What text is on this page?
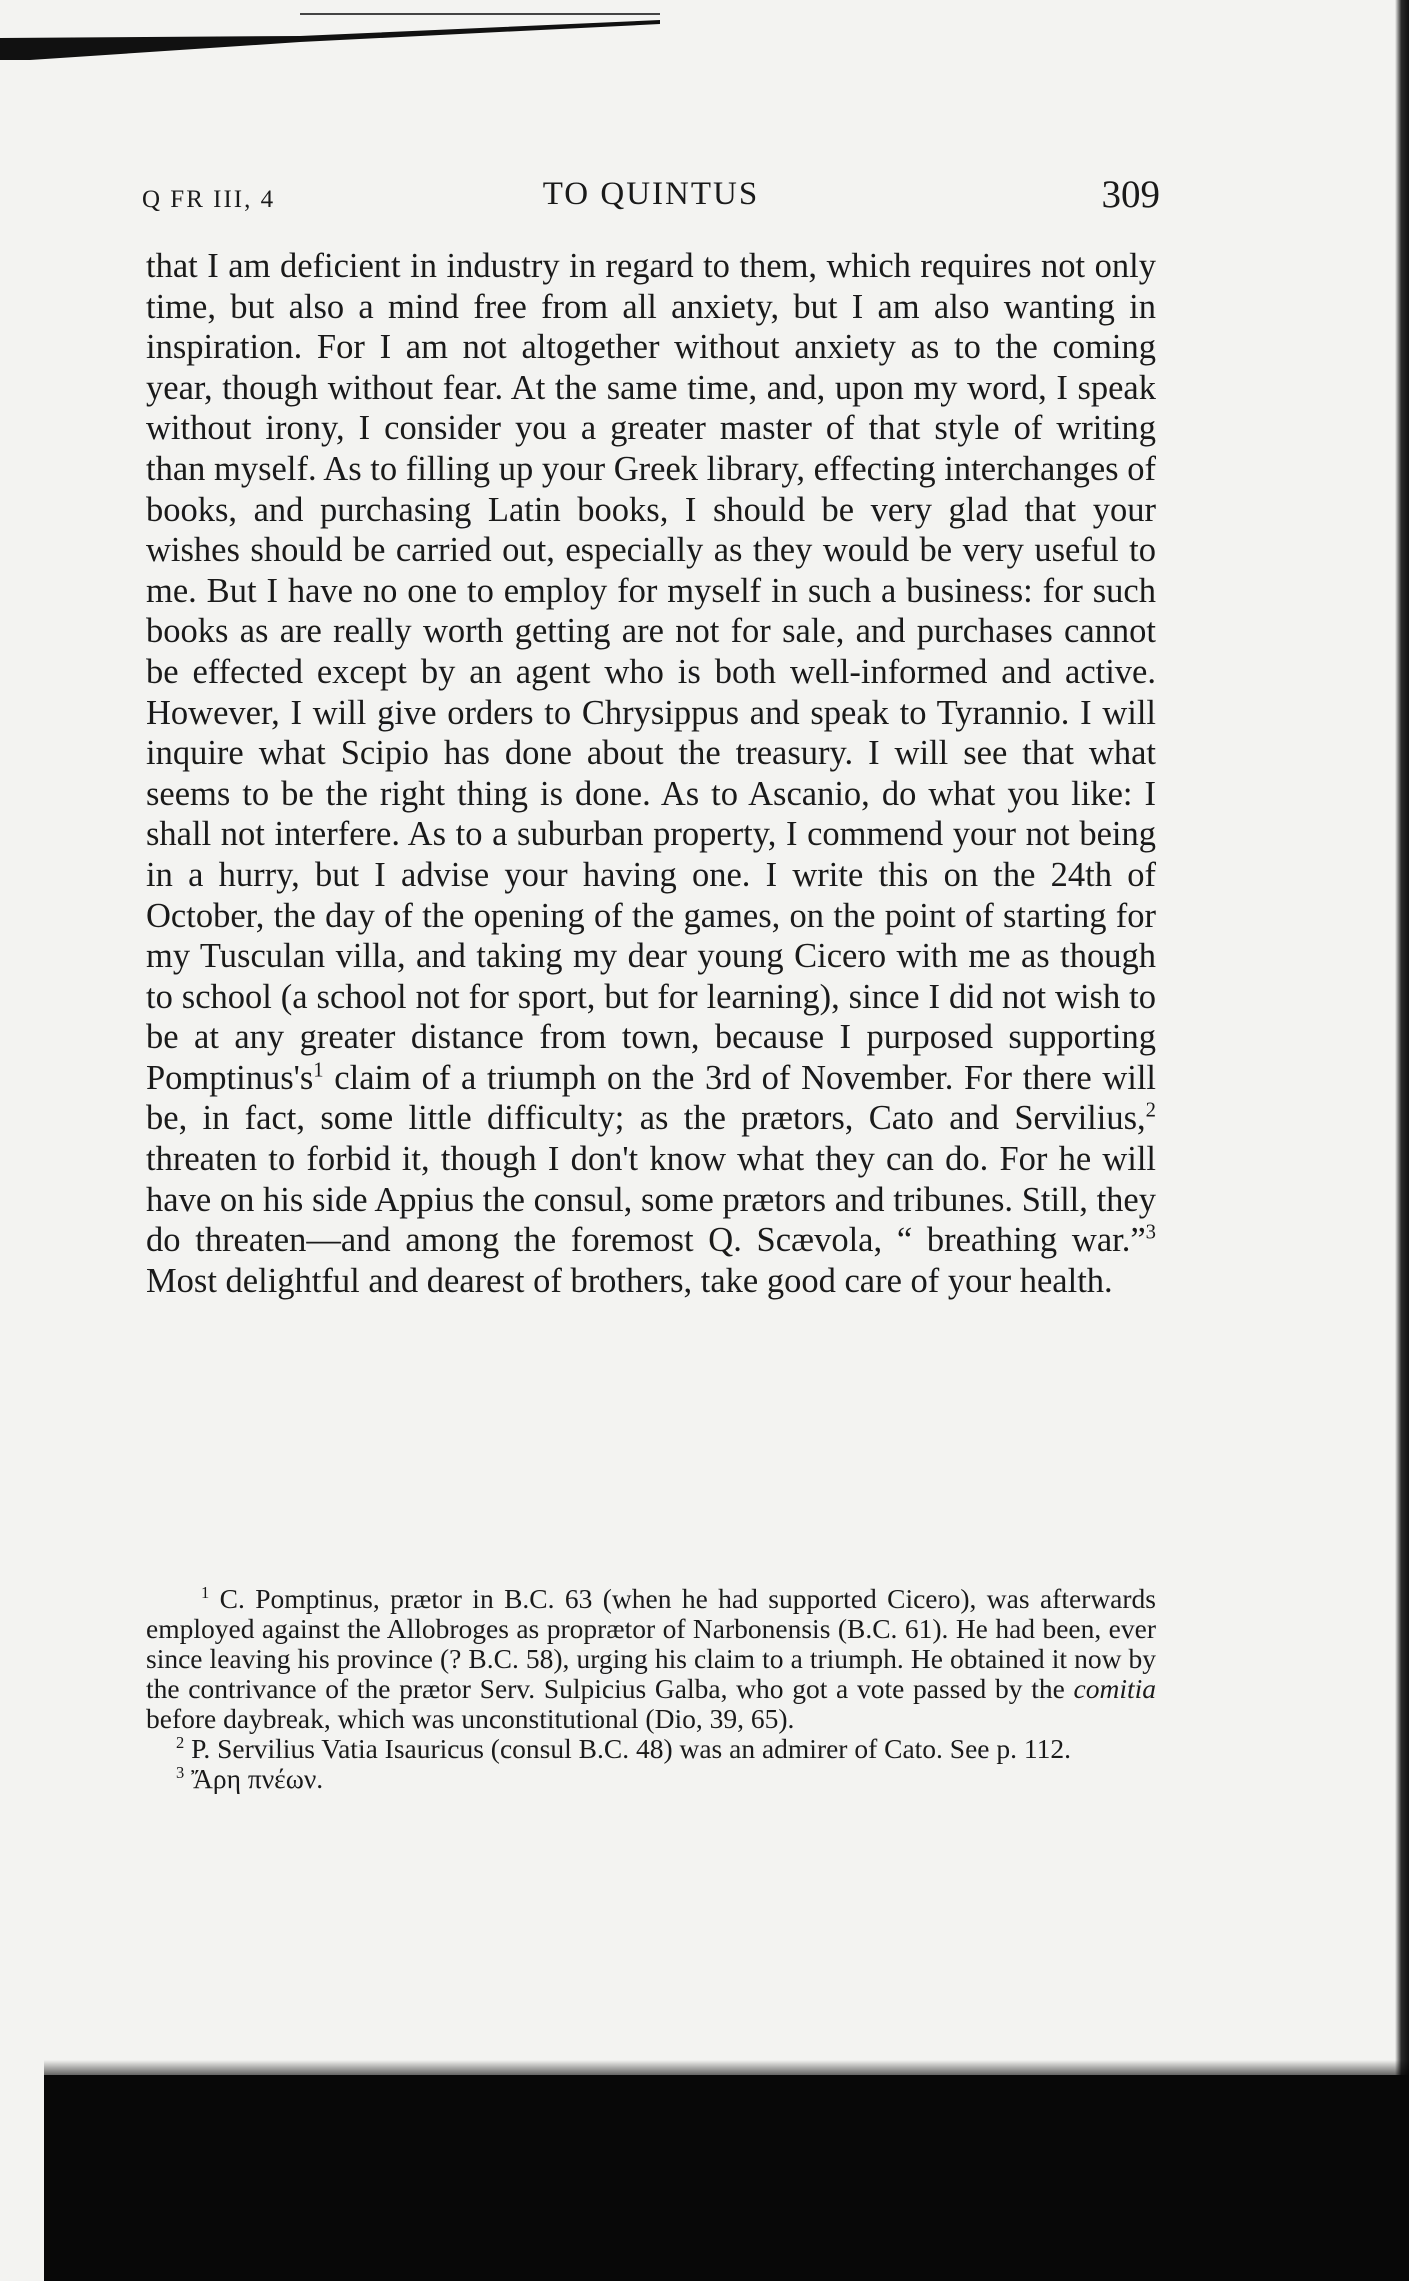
Q FR III, 4	TO QUINTUS	309
that I am deficient in industry in regard to them, which requires not only time, but also a mind free from all anxiety, but I am also wanting in inspiration. For I am not altogether without anxiety as to the coming year, though without fear. At the same time, and, upon my word, I speak without irony, I consider you a greater master of that style of writing than myself. As to filling up your Greek library, effecting interchanges of books, and purchasing Latin books, I should be very glad that your wishes should be carried out, especially as they would be very useful to me. But I have no one to employ for myself in such a business: for such books as are really worth getting are not for sale, and purchases cannot be effected except by an agent who is both well-informed and active. However, I will give orders to Chrysippus and speak to Tyrannio. I will inquire what Scipio has done about the treasury. I will see that what seems to be the right thing is done. As to Ascanio, do what you like: I shall not interfere. As to a suburban property, I commend your not being in a hurry, but I advise your having one. I write this on the 24th of October, the day of the opening of the games, on the point of starting for my Tusculan villa, and taking my dear young Cicero with me as though to school (a school not for sport, but for learning), since I did not wish to be at any greater distance from town, because I purposed supporting $Pomptinus's^1$ claim of a triumph on the 3rd of November. For there will be, in fact, some little difficulty; as the prætors, Cato and Servilius,$^2$ threaten to forbid it, though I don't know what they can do. For he will have on his side Appius the consul, some prætors and tribunes. Still, they do threaten—and among the foremost Q. Scævola, “ breathing war.”$^3$ Most delightful and dearest of brothers, take good care of your health.

$^1$ C. Pomptinus, prætor in B.C. 63 (when he had supported Cicero), was afterwards employed against the Allobroges as proprætor of Narbonensis (B.C. 61). He had been, ever since leaving his province (? B.C. 58), urging his claim to a triumph. He obtained it now by the contrivance of the prætor Serv. Sulpicius Galba, who got a vote passed by the comitia before daybreak, which was unconstitutional (Dio, 39, 65).

$^2$ P. Servilius Vatia Isauricus (consul B.C. 48) was an admirer of Cato. See p. 112.

$^3$ Ἄρη πνέων.
